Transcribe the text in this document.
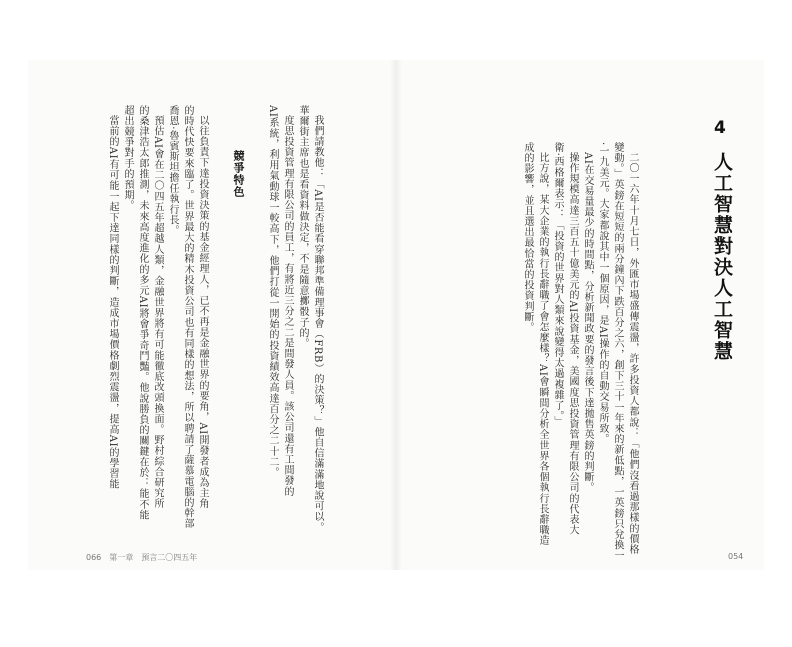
4
人工智慧對決人工智慧
二〇一六年十月七日，外匯市場盛傳震盪，許多投資人都說：「他們沒看過那樣的價格
變動。」英鎊在短短的兩分鐘內下跌百分之六，創下三十一年來的新低點，一英鎊只兌換一
‧一九美元。大家都說其中一個原因，是AI操作的自動交易所致。
AI在交易量最少的時間點，分析新聞政要的發言後下達拋售英鎊的判斷。
操作規模高達三百五十億美元的AI投資基金，美國度思投資管理有限公司的代表大
衛‧西格爾表示：「投資的世界對人類來說變得太過複雜了。」
比方說，某大企業的執行長辭職了會怎麼樣？AI會瞬間分析全世界各個執行長辭職造
成的影響，並且選出最恰當的投資判斷。
我們請教他：「AI是否能看穿聯邦準備理事會（FRB）的決策？」他自信滿滿地說可以。
華爾街主席也是看資料做決定，不是隨意擲骰子的。
度思投資管理有限公司的員工，有將近三分之二是間發人員。該公司還有工間發的
AI系統，利用氣動球一較高下，他們打從一開始的投資績效高達百分之二十二。
競爭特色
以往負責下達投資決策的基金經理人，已不再是金融世界的要角，AI開發者成為主角
的時代快要來臨了。世界最大的精木投資公司也有同樣的想法，所以聘請了薩慕電腦的幹部
喬恩‧魯賓斯坦擔任執行長。
預估AI會在二〇四五年超越人類，金融世界將有可能徹底改頭換面。野村綜合研究所
的桑津浩太郎推測，未來高度進化的多元AI將會爭奇鬥豔。他說勝負的關鍵在於：能不能
超出競爭對手的預期。
當前的AI有可能一起下達同樣的判斷，造成市場價格劇烈震盪，提高AI的學習能
066　第一章　預言二〇四五年	054
